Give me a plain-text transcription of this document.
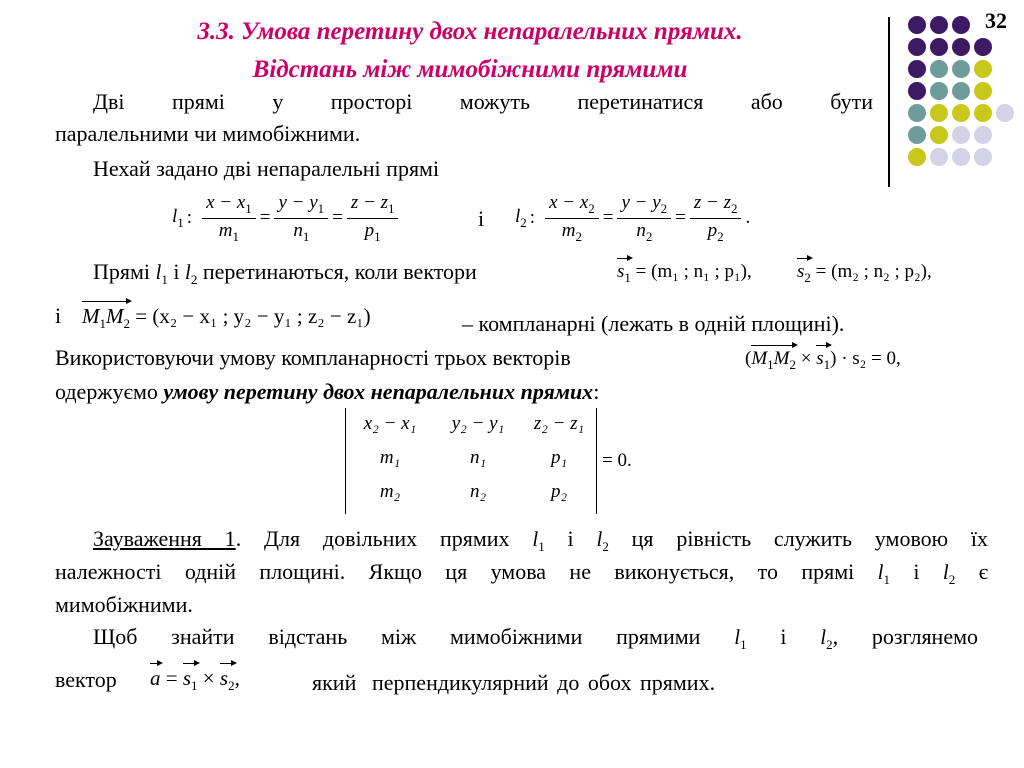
32
3.3. Умова перетину двох непаралельних прямих.
Відстань між мимобіжними прямими
Дві прямі у просторі можуть перетинатися або бути
паралельними чи мимобіжними.
Нехай задано дві непаралельні прямі
$l_1$ : $\frac{x - x_1}{m_1} = \frac{y - y_1}{n_1} = \frac{z - z_1}{p_1}$	і $l_2$ : $\frac{x - x_2}{m_2} = \frac{y - y_2}{n_2} = \frac{z - z_2}{p_2}$ .
Прямі $l_1$ і $l_2$ перетинаються, коли вектори	$s_1 = (m_1$ ; n₁ ; p₁), $s_2 = (m_2$ ; n₂ ; p₂),
і $M_1M_2 = (x_2 - x_1$ ; y₂ − y₁ ; z₂ − z₁)	– компланарні (лежать в одній площині).
Використовуючи умову компланарності трьох векторів	$(M_1M_2 \times s_1) \cdot s_2 = 0$,
одержуємо умову перетину двох непаралельних прямих:
x₂ − x₁	y₂ − y₁	z₂ − z₁
m₁	n₁	p₁
m₂	n₂	p₂
= 0.
Зауваження 1. Для довільних прямих $l_1$ і $l_2$ ця рівність служить умовою їх
належності одній площині. Якщо ця умова не виконується, то прямі $l_1$ і $l_2$ є
мимобіжними.
Щоб знайти відстань між мимобіжними прямими $l_1$ і $l_2$, розглянемо
вектор $a = s_1 \times s_2$,	який перпендикулярний до обох прямих.
